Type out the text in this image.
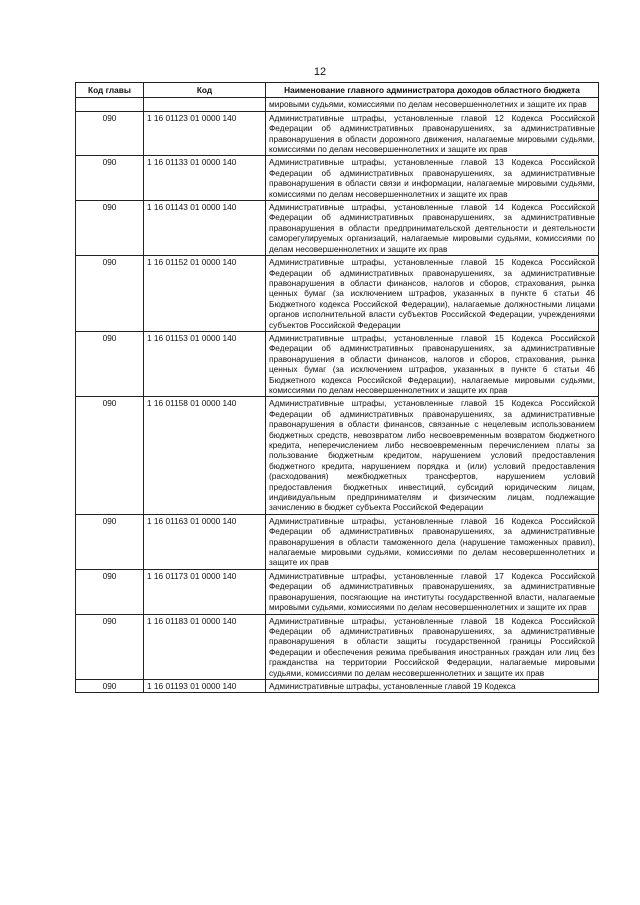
12
Код главы	Код	Наименование главного администратора доходов областного бюджета
		мировыми судьями, комиссиями по делам несовершеннолетних и защите их прав
090	1 16 01123 01 0000 140	Административные штрафы, установленные главой 12 Кодекса Российской Федерации об административных правонарушениях, за административные правонарушения в области дорожного движения, налагаемые мировыми судьями, комиссиями по делам несовершеннолетних и защите их прав
090	1 16 01133 01 0000 140	Административные штрафы, установленные главой 13 Кодекса Российской Федерации об административных правонарушениях, за административные правонарушения в области связи и информации, налагаемые мировыми судьями, комиссиями по делам несовершеннолетних и защите их прав
090	1 16 01143 01 0000 140	Административные штрафы, установленные главой 14 Кодекса Российской Федерации об административных правонарушениях, за административные правонарушения в области предпринимательской деятельности и деятельности саморегулируемых организаций, налагаемые мировыми судьями, комиссиями по делам несовершеннолетних и защите их прав
090	1 16 01152 01 0000 140	Административные штрафы, установленные главой 15 Кодекса Российской Федерации об административных правонарушениях, за административные правонарушения в области финансов, налогов и сборов, страхования, рынка ценных бумаг (за исключением штрафов, указанных в пункте 6 статьи 46 Бюджетного кодекса Российской Федерации), налагаемые должностными лицами органов исполнительной власти субъектов Российской Федерации, учреждениями субъектов Российской Федерации
090	1 16 01153 01 0000 140	Административные штрафы, установленные главой 15 Кодекса Российской Федерации об административных правонарушениях, за административные правонарушения в области финансов, налогов и сборов, страхования, рынка ценных бумаг (за исключением штрафов, указанных в пункте 6 статьи 46 Бюджетного кодекса Российской Федерации), налагаемые мировыми судьями, комиссиями по делам несовершеннолетних и защите их прав
090	1 16 01158 01 0000 140	Административные штрафы, установленные главой 15 Кодекса Российской Федерации об административных правонарушениях, за административные правонарушения в области финансов, связанные с нецелевым использованием бюджетных средств, невозвратом либо несвоевременным возвратом бюджетного кредита, неперечислением либо несвоевременным перечислением платы за пользование бюджетным кредитом, нарушением условий предоставления бюджетного кредита, нарушением порядка и (или) условий предоставления (расходования) межбюджетных трансфертов, нарушением условий предоставления бюджетных инвестиций, субсидий юридическим лицам, индивидуальным предпринимателям и физическим лицам, подлежащие зачислению в бюджет субъекта Российской Федерации
090	1 16 01163 01 0000 140	Административные штрафы, установленные главой 16 Кодекса Российской Федерации об административных правонарушениях, за административные правонарушения в области таможенного дела (нарушение таможенных правил), налагаемые мировыми судьями, комиссиями по делам несовершеннолетних и защите их прав
090	1 16 01173 01 0000 140	Административные штрафы, установленные главой 17 Кодекса Российской Федерации об административных правонарушениях, за административные правонарушения, посягающие на институты государственной власти, налагаемые мировыми судьями, комиссиями по делам несовершеннолетних и защите их прав
090	1 16 01183 01 0000 140	Административные штрафы, установленные главой 18 Кодекса Российской Федерации об административных правонарушениях, за административные правонарушения в области защиты государственной границы Российской Федерации и обеспечения режима пребывания иностранных граждан или лиц без гражданства на территории Российской Федерации, налагаемые мировыми судьями, комиссиями по делам несовершеннолетних и защите их прав
090	1 16 01193 01 0000 140	Административные штрафы, установленные главой 19 Кодекса
